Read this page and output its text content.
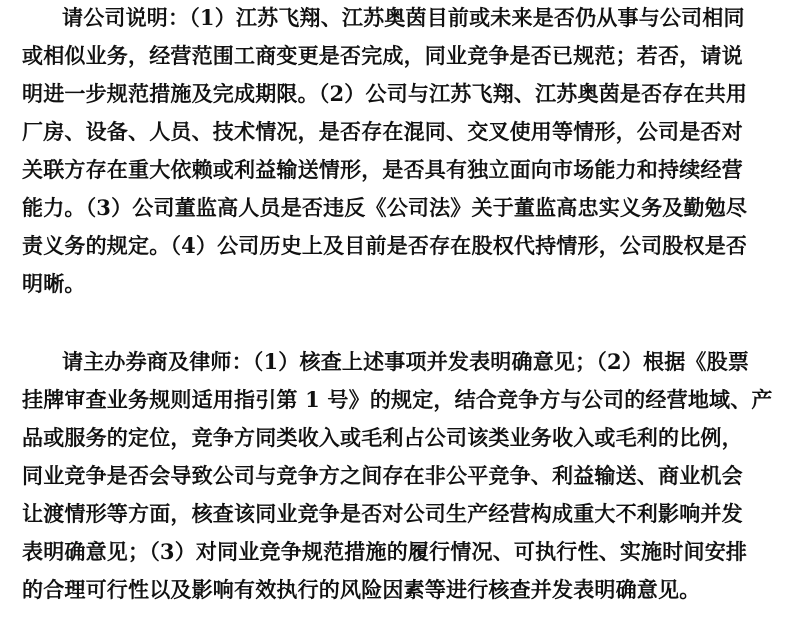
请公司说明：（1）江苏飞翔、江苏奥茵目前或未来是否仍从事与公司相同
或相似业务，经营范围工商变更是否完成，同业竞争是否已规范；若否，请说
明进一步规范措施及完成期限。（2）公司与江苏飞翔、江苏奥茵是否存在共用
厂房、设备、人员、技术情况，是否存在混同、交叉使用等情形，公司是否对
关联方存在重大依赖或利益输送情形，是否具有独立面向市场能力和持续经营
能力。（3）公司董监高人员是否违反《公司法》关于董监高忠实义务及勤勉尽
责义务的规定。（4）公司历史上及目前是否存在股权代持情形，公司股权是否
明晰。
请主办券商及律师：（1）核查上述事项并发表明确意见；（2）根据《股票
挂牌审查业务规则适用指引第 1 号》的规定，结合竞争方与公司的经营地域、产
品或服务的定位，竞争方同类收入或毛利占公司该类业务收入或毛利的比例，
同业竞争是否会导致公司与竞争方之间存在非公平竞争、利益输送、商业机会
让渡情形等方面，核查该同业竞争是否对公司生产经营构成重大不利影响并发
表明确意见；（3）对同业竞争规范措施的履行情况、可执行性、实施时间安排
的合理可行性以及影响有效执行的风险因素等进行核查并发表明确意见。
